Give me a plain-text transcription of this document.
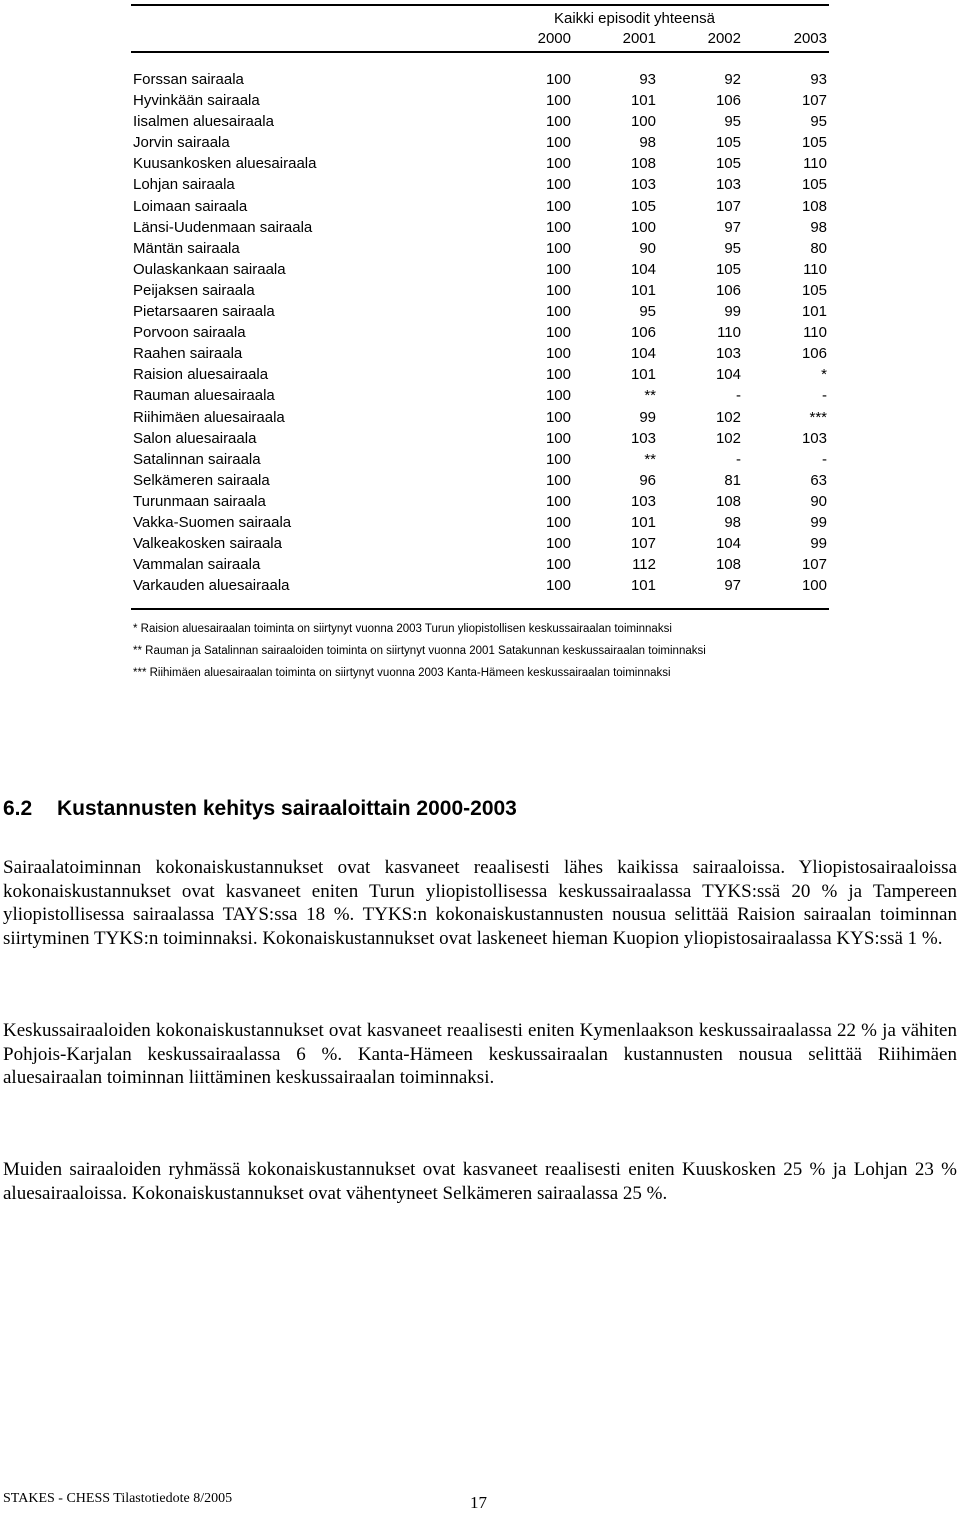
Kaikki episodit yhteensä
2000	2001	2002	2003
Forssan sairaala	100	93	92	93
Hyvinkään sairaala	100	101	106	107
Iisalmen aluesairaala	100	100	95	95
Jorvin sairaala	100	98	105	105
Kuusankosken aluesairaala	100	108	105	110
Lohjan sairaala	100	103	103	105
Loimaan sairaala	100	105	107	108
Länsi-Uudenmaan sairaala	100	100	97	98
Mäntän sairaala	100	90	95	80
Oulaskankaan sairaala	100	104	105	110
Peijaksen sairaala	100	101	106	105
Pietarsaaren sairaala	100	95	99	101
Porvoon sairaala	100	106	110	110
Raahen sairaala	100	104	103	106
Raision aluesairaala	100	101	104	*
Rauman aluesairaala	100	**	-	-
Riihimäen aluesairaala	100	99	102	***
Salon aluesairaala	100	103	102	103
Satalinnan sairaala	100	**	-	-
Selkämeren sairaala	100	96	81	63
Turunmaan sairaala	100	103	108	90
Vakka-Suomen sairaala	100	101	98	99
Valkeakosken sairaala	100	107	104	99
Vammalan sairaala	100	112	108	107
Varkauden aluesairaala	100	101	97	100
* Raision aluesairaalan toiminta on siirtynyt vuonna 2003 Turun yliopistollisen keskussairaalan toiminnaksi
** Rauman ja Satalinnan sairaaloiden toiminta on siirtynyt vuonna 2001 Satakunnan keskussairaalan toiminnaksi
*** Riihimäen aluesairaalan toiminta on siirtynyt vuonna 2003 Kanta-Hämeen keskussairaalan toiminnaksi
6.2 Kustannusten kehitys sairaaloittain 2000-2003
Sairaalatoiminnan kokonaiskustannukset ovat kasvaneet reaalisesti lähes kaikissa sairaaloissa. Yliopistosairaaloissa kokonaiskustannukset ovat kasvaneet eniten Turun yliopistollisessa keskussairaalassa TYKS:ssä 20 % ja Tampereen yliopistollisessa sairaalassa TAYS:ssa 18 %. TYKS:n kokonaiskustannusten nousua selittää Raision sairaalan toiminnan siirtyminen TYKS:n toiminnaksi. Kokonaiskustannukset ovat laskeneet hieman Kuopion yliopistosairaalassa KYS:ssä 1 %.
Keskussairaaloiden kokonaiskustannukset ovat kasvaneet reaalisesti eniten Kymenlaakson keskussairaalassa 22 % ja vähiten Pohjois-Karjalan keskussairaalassa 6 %. Kanta-Hämeen keskussairaalan kustannusten nousua selittää Riihimäen aluesairaalan toiminnan liittäminen keskussairaalan toiminnaksi.
Muiden sairaaloiden ryhmässä kokonaiskustannukset ovat kasvaneet reaalisesti eniten Kuuskosken 25 % ja Lohjan 23 % aluesairaaloissa. Kokonaiskustannukset ovat vähentyneet Selkämeren sairaalassa 25 %.
STAKES - CHESS Tilastotiedote 8/2005	17
